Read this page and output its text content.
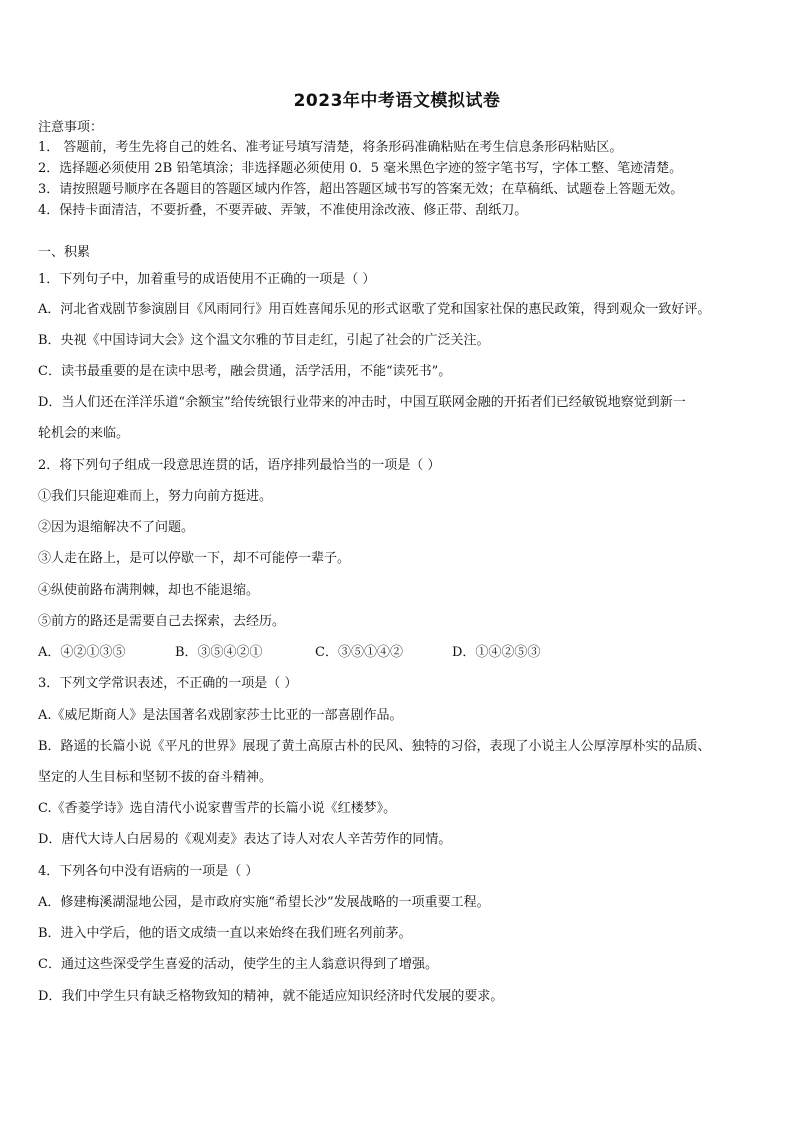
2023年中考语文模拟试卷
注意事项：
1． 答题前，考生先将自己的姓名、准考证号填写清楚，将条形码准确粘贴在考生信息条形码粘贴区。
2．选择题必须使用 2B 铅笔填涂；非选择题必须使用 0．5 毫米黑色字迹的签字笔书写，字体工整、笔迹清楚。
3．请按照题号顺序在各题目的答题区域内作答，超出答题区域书写的答案无效；在草稿纸、试题卷上答题无效。
4．保持卡面清洁，不要折叠，不要弄破、弄皱，不准使用涂改液、修正带、刮纸刀。
一、积累
1．下列句子中，加着重号的成语使用不正确的一项是（ ）
A．河北省戏剧节参演剧目《风雨同行》用百姓喜闻乐见的形式讴歌了党和国家社保的惠民政策，得到观众一致好评。
B．央视《中国诗词大会》这个温文尔雅的节目走红，引起了社会的广泛关注。
C．读书最重要的是在读中思考，融会贯通，活学活用，不能“读死书”。
D．当人们还在洋洋乐道“余额宝”给传统银行业带来的冲击时，中国互联网金融的开拓者们已经敏锐地察觉到新一
轮机会的来临。
2．将下列句子组成一段意思连贯的话，语序排列最恰当的一项是（ ）
①我们只能迎难而上，努力向前方挺进。
②因为退缩解决不了问题。
③人走在路上，是可以停歇一下，却不可能停一辈子。
④纵使前路布满荆棘，却也不能退缩。
⑤前方的路还是需要自己去探索，去经历。
A．④②①③⑤	B．③⑤④②①	C．③⑤①④②	D．①④②⑤③
3．下列文学常识表述，不正确的一项是（ ）
A.《威尼斯商人》是法国著名戏剧家莎士比亚的一部喜剧作品。
B．路遥的长篇小说《平凡的世界》展现了黄土高原古朴的民风、独特的习俗，表现了小说主人公厚淳厚朴实的品质、
坚定的人生目标和坚韧不拔的奋斗精神。
C.《香菱学诗》选自清代小说家曹雪芹的长篇小说《红楼梦》。
D．唐代大诗人白居易的《观刈麦》表达了诗人对农人辛苦劳作的同情。
4．下列各句中没有语病的一项是（ ）
A．修建梅溪湖湿地公园，是市政府实施“希望长沙”发展战略的一项重要工程。
B．进入中学后，他的语文成绩一直以来始终在我们班名列前茅。
C．通过这些深受学生喜爱的活动，使学生的主人翁意识得到了增强。
D．我们中学生只有缺乏格物致知的精神，就不能适应知识经济时代发展的要求。
